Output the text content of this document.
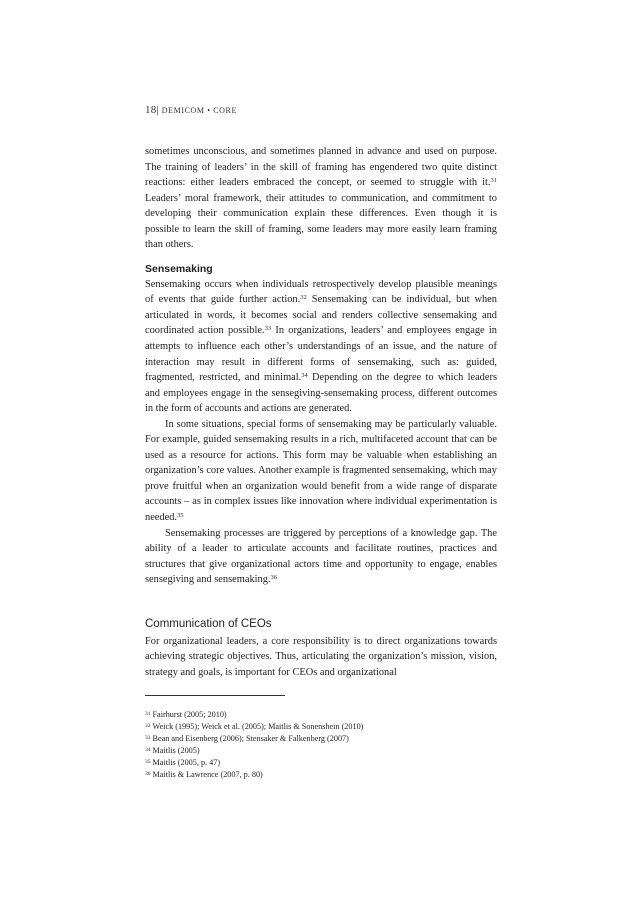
18| DEMICOM • CORE

sometimes unconscious, and sometimes planned in advance and used on purpose. The training of leaders’ in the skill of framing has engendered two quite distinct reactions: either leaders embraced the concept, or seemed to struggle with it.$^{31}$ Leaders’ moral framework, their attitudes to communication, and commitment to developing their communication explain these differences. Even though it is possible to learn the skill of framing, some leaders may more easily learn framing than others.

Sensemaking

Sensemaking occurs when individuals retrospectively develop plausible meanings of events that guide further action.$^{32}$ Sensemaking can be individual, but when articulated in words, it becomes social and renders collective sensemaking and coordinated action possible.$^{33}$ In organizations, leaders’ and employees engage in attempts to influence each other’s understandings of an issue, and the nature of interaction may result in different forms of sensemaking, such as: guided, fragmented, restricted, and minimal.$^{34}$ Depending on the degree to which leaders and employees engage in the sensegiving-sensemaking process, different outcomes in the form of accounts and actions are generated.

In some situations, special forms of sensemaking may be particularly valuable. For example, guided sensemaking results in a rich, multifaceted account that can be used as a resource for actions. This form may be valuable when establishing an organization’s core values. Another example is fragmented sensemaking, which may prove fruitful when an organization would benefit from a wide range of disparate accounts – as in complex issues like innovation where individual experimentation is needed.$^{35}$

Sensemaking processes are triggered by perceptions of a knowledge gap. The ability of a leader to articulate accounts and facilitate routines, practices and structures that give organizational actors time and opportunity to engage, enables sensegiving and sensemaking.$^{36}$

Communication of CEOs

For organizational leaders, a core responsibility is to direct organizations towards achieving strategic objectives. Thus, articulating the organization’s mission, vision, strategy and goals, is important for CEOs and organizational

$^{31}$ Fairhurst (2005; 2010)
$^{32}$ Weick (1995); Weick et al. (2005); Maitlis & Sonenshein (2010)
$^{33}$ Bean and Eisenberg (2006); Stensaker & Falkenberg (2007)
$^{34}$ Maitlis (2005)
$^{35}$ Maitlis (2005, p. 47)
$^{36}$ Maitlis & Lawrence (2007, p. 80)
